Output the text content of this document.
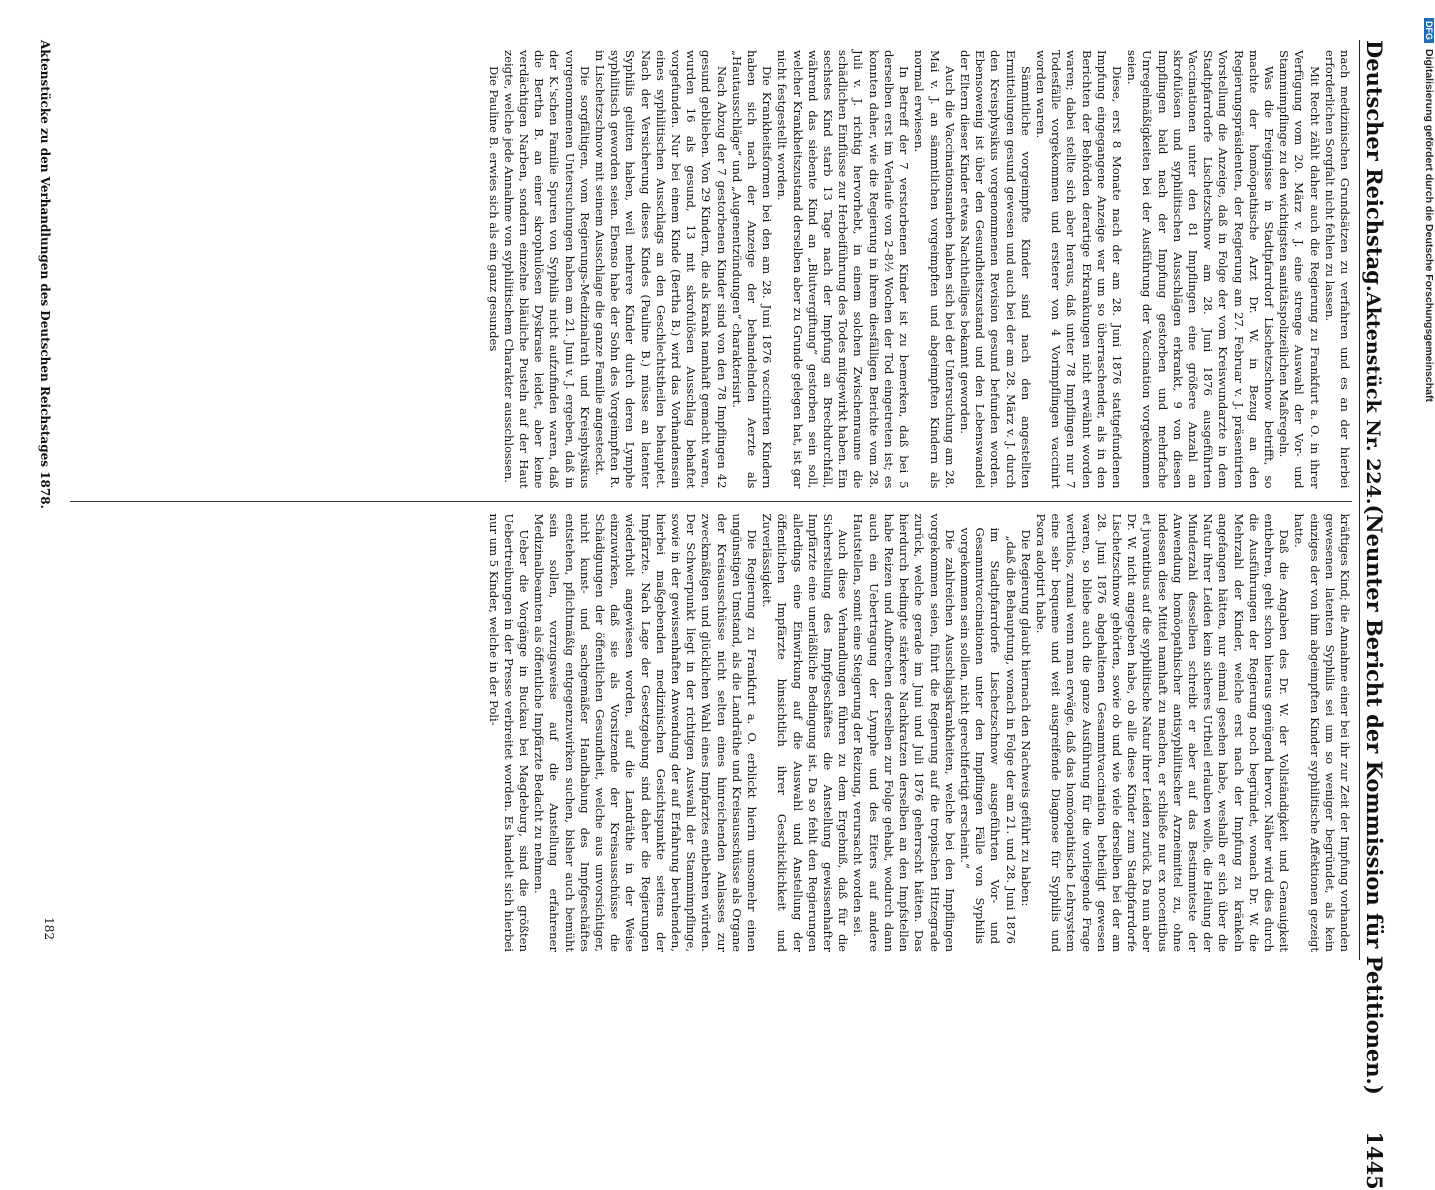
Deutscher Reichstag.
Aktenstück Nr. 224.
(Neunter Bericht der Kommission für Petitionen.)     1445

nach medizinischen Grundsätzen zu verfahren und es an der hierbei erforderlichen Sorgfalt nicht fehlen zu lassen.

Mit Recht zählt daher auch die Regierung zu Frankfurt a. O. in ihrer Verfügung vom 20. März v. J. eine strenge Auswahl der Vor- und Stammimpflinge zu den wichtigsten sanitätspolizeilichen Maßregeln.

Was die Ereignisse in Stadtpfarrdorf Lischetzschnow betrifft, so machte der homöopathische Arzt Dr. W. in Bezug an den Regierungspräsidenten, der Regierung am 27. Februar v. J. präsentirten Vorstellung die Anzeige, daß in Folge der vom Kreiswundarzte in dem Stadtpfarrdorfe Lischetzschnow am 28. Juni 1876 ausgeführten Vaccinationen unter den 81 Impflingen eine größere Anzahl an skrofulösen und syphilitischen Ausschlägen erkrankt, 9 von diesen Impflingen bald nach der Impfung gestorben und mehrfache Unregelmäßigkeiten bei der Ausführung der Vaccination vorgekommen seien.

Diese, erst 8 Monate nach der am 28. Juni 1876 stattgefundenen Impfung eingegangene Anzeige war um so überraschender, als in den Berichten der Behörden derartige Erkrankungen nicht erwähnt worden waren; dabei stellte sich aber heraus, daß unter 78 Impflingen nur 7 Todesfälle vorgekommen und ersterer von 4 Vorimpflingen vaccinirt worden waren.

Sämmtliche vorgeimpfte Kinder sind nach den angestellten Ermittelungen gesund gewesen und auch bei der am 28. März v. J. durch den Kreisphysikus vorgenommenen Revision gesund befunden worden. Ebensowenig ist über den Gesundheitszustand und den Lebenswandel der Eltern dieser Kinder etwas Nachtheiliges bekannt geworden.

Auch die Vaccinationsnarben haben sich bei der Untersuchung am 28. Mai v. J. an sämmtlichen vorgeimpften und abgeimpften Kindern als normal erwiesen.

In Betreff der 7 verstorbenen Kinder ist zu bemerken, daß bei 5 derselben erst im Verlaufe von 2–8½ Wochen der Tod eingetreten ist; es konnten daher, wie die Regierung in ihrem diesfälligen Berichte vom 28. Juli v. J. richtig hervorhebt, in einem solchen Zwischenraume die schädlichen Einflüsse zur Herbeiführung des Todes mitgewirkt haben. Ein sechstes Kind starb 13 Tage nach der Impfung an Brechdurchfall, während das siebente Kind an „Blutvergiftung“ gestorben sein soll, welcher Krankheitszustand derselben aber zu Grunde gelegen hat, ist gar nicht festgestellt worden.

Die Krankheitsformen bei den am 28. Juni 1876 vaccinirten Kindern haben sich nach der Anzeige der behandelnden Aerzte als „Hautausschläge“ und „Augenentzündungen“ charakterisirt.

Nach Abzug der 7 gestorbenen Kinder sind von den 78 Impflingen 42 gesund geblieben. Von 29 Kindern, die als krank namhaft gemacht waren, wurden 16 als gesund, 13 mit skrofulösen Ausschlag behaftet vorgefunden. Nur bei einem Kinde (Bertha B.) wird das Vorhandensein eines syphilitischen Ausschlags an den Geschlechtstheilen behauptet. Nach der Versicherung dieses Kindes (Pauline B.) müsse an latenter Syphilis gelitten haben, weil mehrere Kinder durch deren Lymphe syphilitisch geworden seien. Ebenso habe der Sohn des Vorgeimpften R. in Lischetzschnow mit seinem Ausschlage die ganze Familie angesteckt.

Die sorgfältigen, vom Regierungs-Medizinalrath und Kreisphysikus vorgenommenen Untersuchungen haben am 21. Juni v. J. ergeben, daß in der K.'schen Familie Spuren von Syphilis nicht aufzufinden waren, daß die Bertha B. an einer skrophulösen Dyskrasie leidet, aber keine verdächtigen Narben, sondern einzelne bläuliche Pusteln auf der Haut zeigte, welche jede Annahme von syphilitischem Charakter ausschlossen.

Die Pauline B. erwies sich als ein ganz gesundes

kräftiges Kind; die Annahme einer bei ihr zur Zeit der Impfung vorhanden gewesenen latenten Syphilis sei um so weniger begründet, als kein einziges der von ihm abgeimpften Kinder syphilitische Affektionen gezeigt hatte.

Daß die Angaben des Dr. W. der Vollständigkeit und Genauigkeit entbehren, geht schon hieraus genügend hervor. Näher wird dies durch die Ausführungen der Regierung noch begründet, wonach Dr. W. die Mehrzahl der Kinder, welche erst nach der Impfung zu kränkeln angefangen hätten, nur einmal gesehen habe, weshalb er sich über die Natur ihrer Leiden kein sicheres Urtheil erlauben wolle, die Heilung der Minderzahl desselben schreibt er aber auf das Bestimmteste der Anwendung homöopathischer antisyphilitischer Arzneimittel zu, ohne indessen diese Mittel namhaft zu machen, er schließe nur ex nocentibus et juvantibus auf die syphilitische Natur ihrer Leiden zurück. Da nun aber Dr. W. nicht angegeben habe, ob alle diese Kinder zum Stadtpfarrdorfe Lischetzschnow gehörten, sowie ob und wie viele derselben bei der am 28. Juni 1876 abgehaltenen Gesammtvaccination betheiligt gewesen waren, so bliebe auch die ganze Ausführung für die vorliegende Frage werthlos, zumal wenn man erwäge, daß das homöopathische Lehrsystem eine sehr bequeme und weit ausgreifende Diagnose für Syphilis und Psora adoptirt habe.

Die Regierung glaubt hiernach den Nachweis geführt zu haben:

„daß die Behauptung, wonach in Folge der am 21. und 28. Juni 1876 im Stadtpfarrdorfe Lischetzschnow ausgeführten Vor- und Gesammtvaccinationen unter den Impflingen Fälle von Syphilis vorgekommen sein sollen, nicht gerechtfertigt erscheint.“

Die zahlreichen Ausschlagskrankheiten, welche bei den Impflingen vorgekommen seien, führt die Regierung auf die tropischen Hitzegrade zurück, welche gerade im Juni und Juli 1876 geherrscht hätten. Das hierdurch bedingte stärkere Nachkratzen derselben an den Impfstellen habe Reizen und Aufbrechen derselben zur Folge gehabt, wodurch dann auch ein Uebertragung der Lymphe und des Eiters auf andere Hautstellen, somit eine Steigerung der Reizung, verursacht worden sei.

Auch diese Verhandlungen führen zu dem Ergebniß, daß für die Sicherstellung des Impfgeschäftes die Anstellung gewissenhafter Impfärzte eine unerläßliche Bedingung ist. Da so fehlt den Regierungen allerdings eine Einwirkung auf die Auswahl und Anstellung der öffentlichen Impfärzte hinsichtlich ihrer Geschicklichkeit und Zuverlässigkeit.

Die Regierung zu Frankfurt a. O. erblickt hierin umsomehr einen ungünstigen Umstand, als die Landräthe und Kreisausschüsse als Organe der Kreisausschüsse nicht selten eines hinreichenden Anlasses zur zweckmäßigen und glücklichen Wahl eines Impfarztes entbehren würden. Der Schwerpunkt liegt in der richtigen Auswahl der Stammimpflinge, sowie in der gewissenhaften Anwendung der auf Erfahrung beruhenden, hierbei maßgebenden medizinischen Gesichtspunkte seitens der Impfärzte. Nach Lage der Gesetzgebung sind daher die Regierungen wiederholt angewiesen worden, auf die Landräthe in der Weise einzuwirken, daß sie als Vorsitzende der Kreisausschüsse die Schädigungen der öffentlichen Gesundheit, welche aus unvorsichtiger, nicht kunst- und sachgemäßer Handhabung des Impfgeschäftes entstehen, pflichtmäßig entgegenzuwirken suchen, bisher auch bemüht sein sollen, vorzugsweise auf die Anstellung erfahrener Medizinalbeamten als öffentliche Impfärzte Bedacht zu nehmen.

Ueber die Vorgänge in Buckau bei Magdeburg, sind die größten Uebertreibungen in der Presse verbreitet worden. Es handelt sich hierbei nur um 5 Kinder, welche in der Poli-

Aktenstücke zu den Verhandlungen des Deutschen Reichstages 1878.
182
DFGDigitalisierung gefördert durch die Deutsche Forschungsgemeinschaft
